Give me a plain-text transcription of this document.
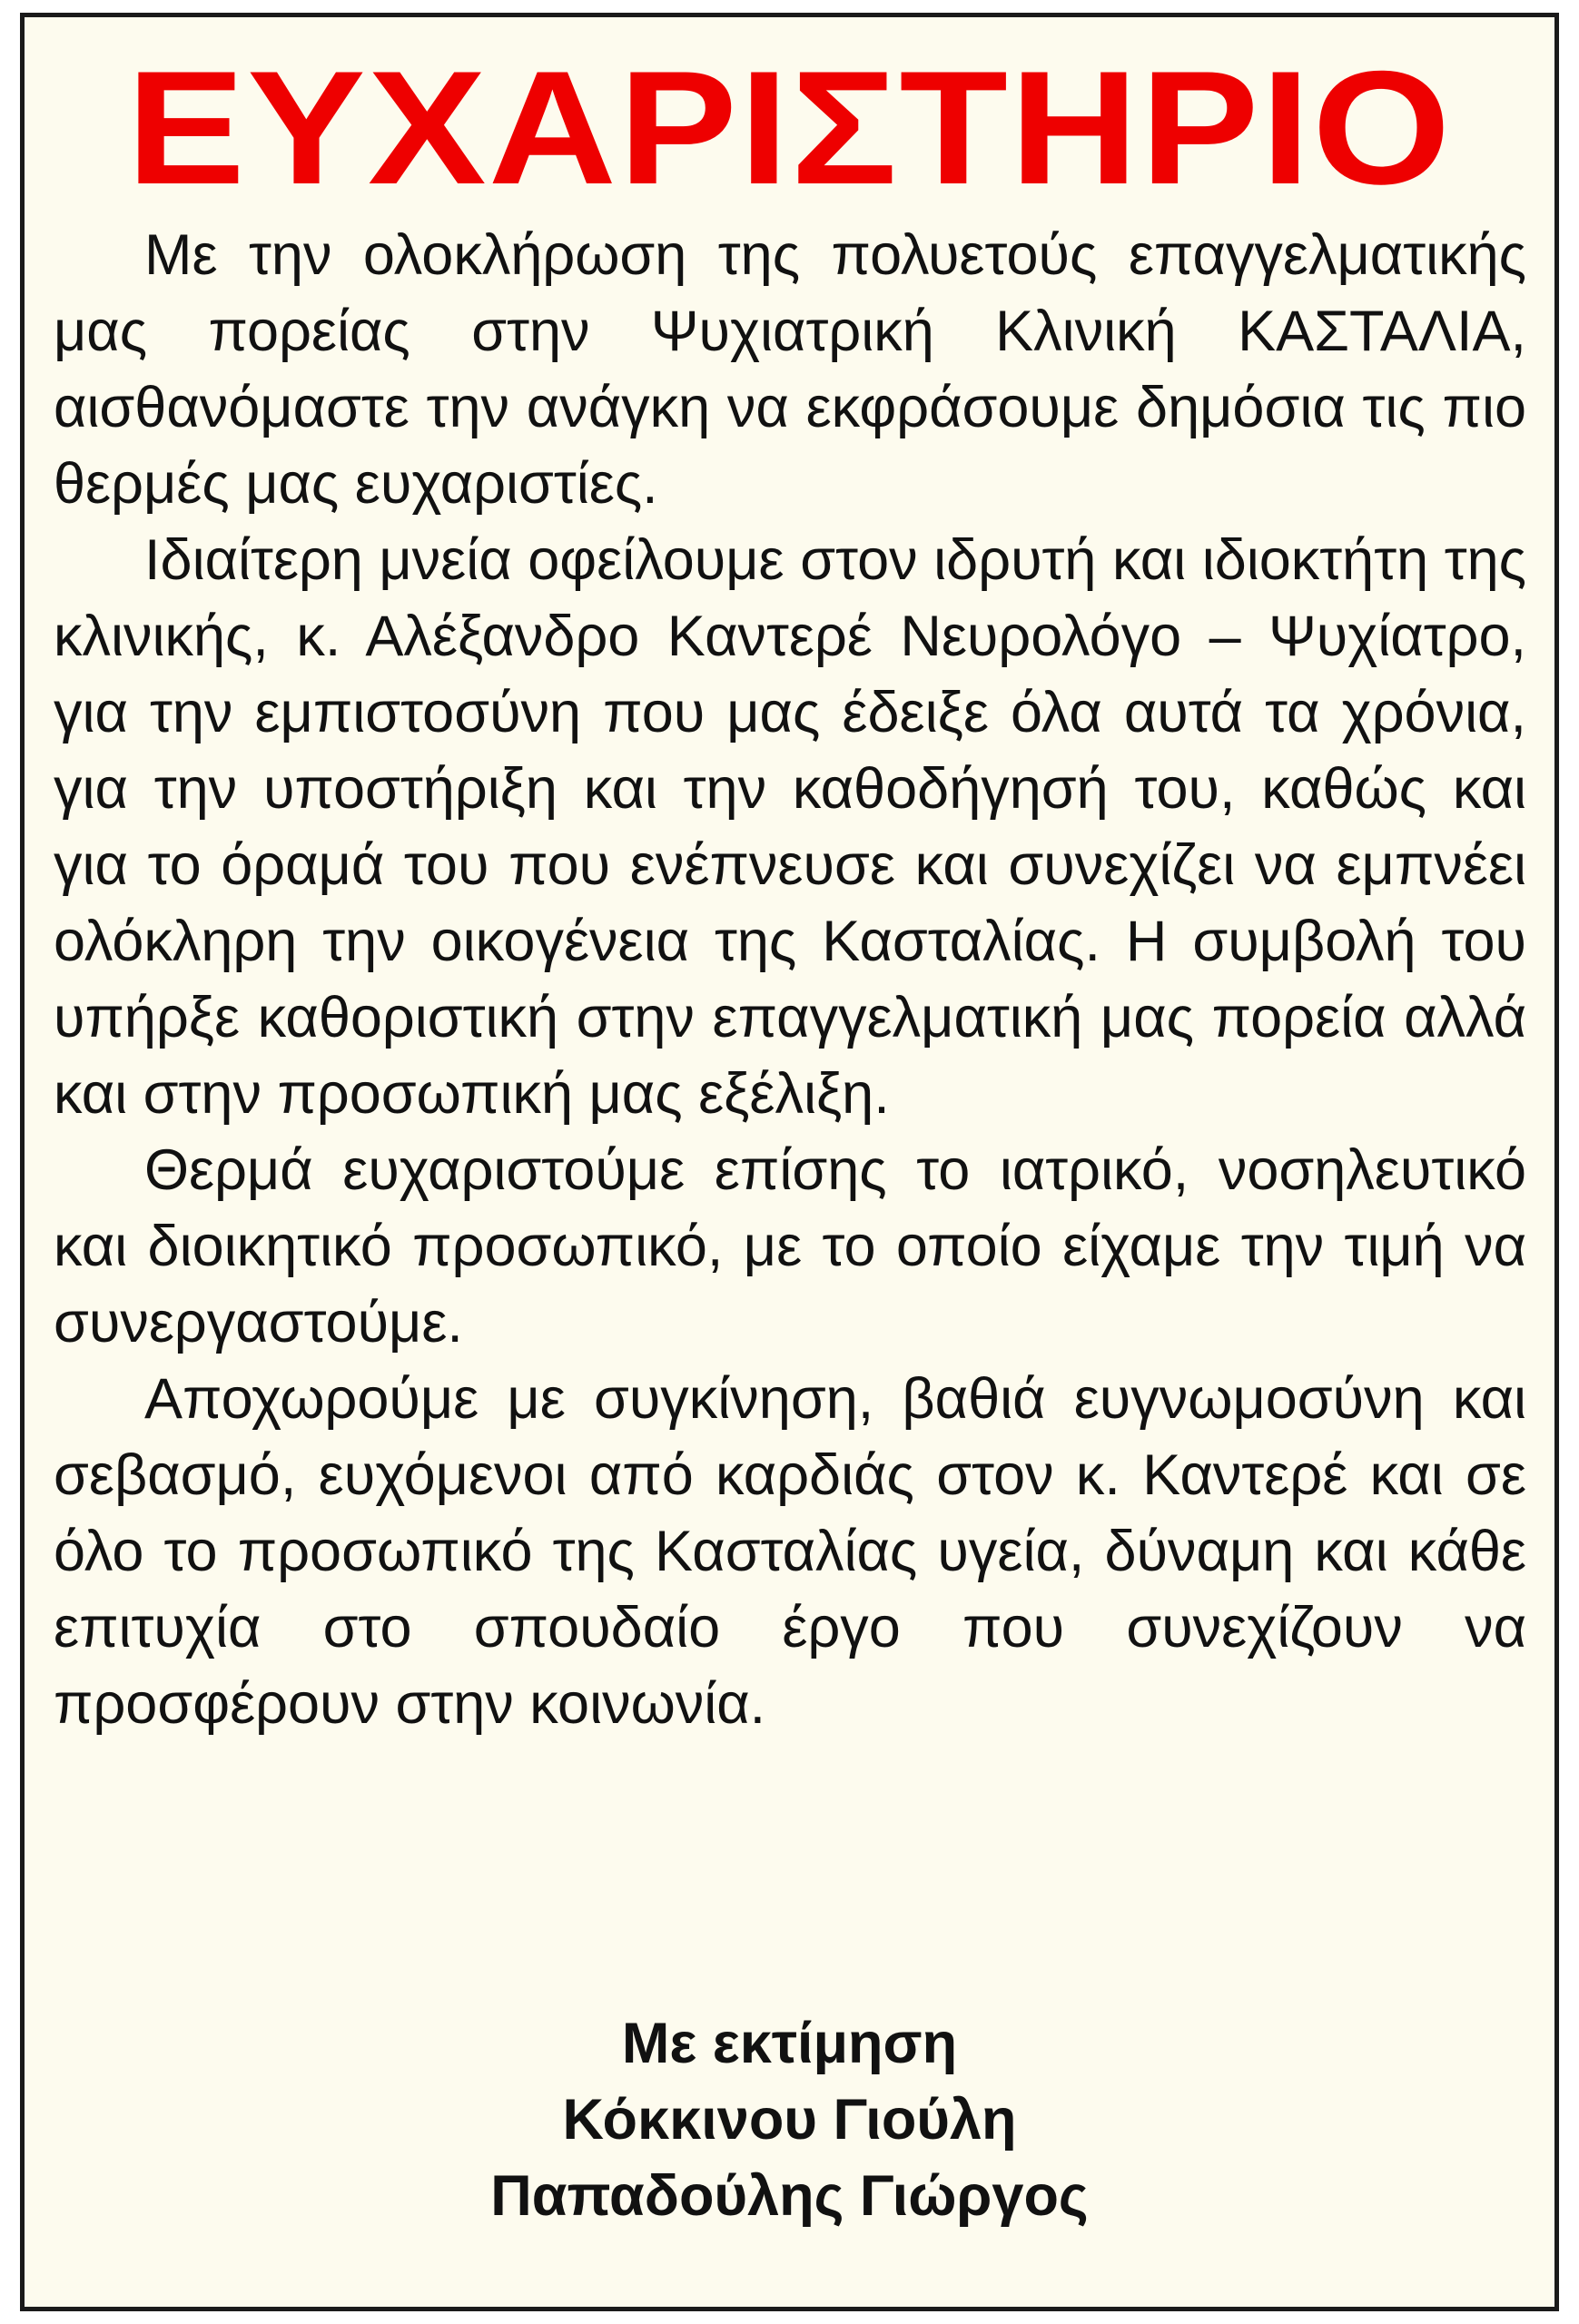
ΕΥΧΑΡΙΣΤΗΡΙΟ

Με την ολοκλήρωση της πολυετούς επαγγελματικής μας πορείας στην Ψυχιατρική Κλινική ΚΑΣΤΑΛΙΑ, αισθανόμαστε την ανάγκη να εκφράσουμε δημόσια τις πιο θερμές μας ευχαριστίες.

Ιδιαίτερη μνεία οφείλουμε στον ιδρυτή και ιδιοκτήτη της κλινικής, κ. Αλέξανδρο Καντερέ Νευρολόγο – Ψυχίατρο, για την εμπιστοσύνη που μας έδειξε όλα αυτά τα χρόνια, για την υποστήριξη και την καθοδήγησή του, καθώς και για το όραμά του που ενέπνευσε και συνεχίζει να εμπνέει ολόκληρη την οικογένεια της Κασταλίας. Η συμβολή του υπήρξε καθοριστική στην επαγγελματική μας πορεία αλλά και στην προσωπική μας εξέλιξη.

Θερμά ευχαριστούμε επίσης το ιατρικό, νοσηλευτικό και διοικητικό προσωπικό, με το οποίο είχαμε την τιμή να συνεργαστούμε.

Αποχωρούμε με συγκίνηση, βαθιά ευγνωμοσύνη και σεβασμό, ευχόμενοι από καρδιάς στον κ. Καντερέ και σε όλο το προσωπικό της Κασταλίας υγεία, δύναμη και κάθε επιτυχία στο σπουδαίο έργο που συνεχίζουν να προσφέρουν στην κοινωνία.

Με εκτίμηση
Κόκκινου Γιούλη
Παπαδούλης Γιώργος
